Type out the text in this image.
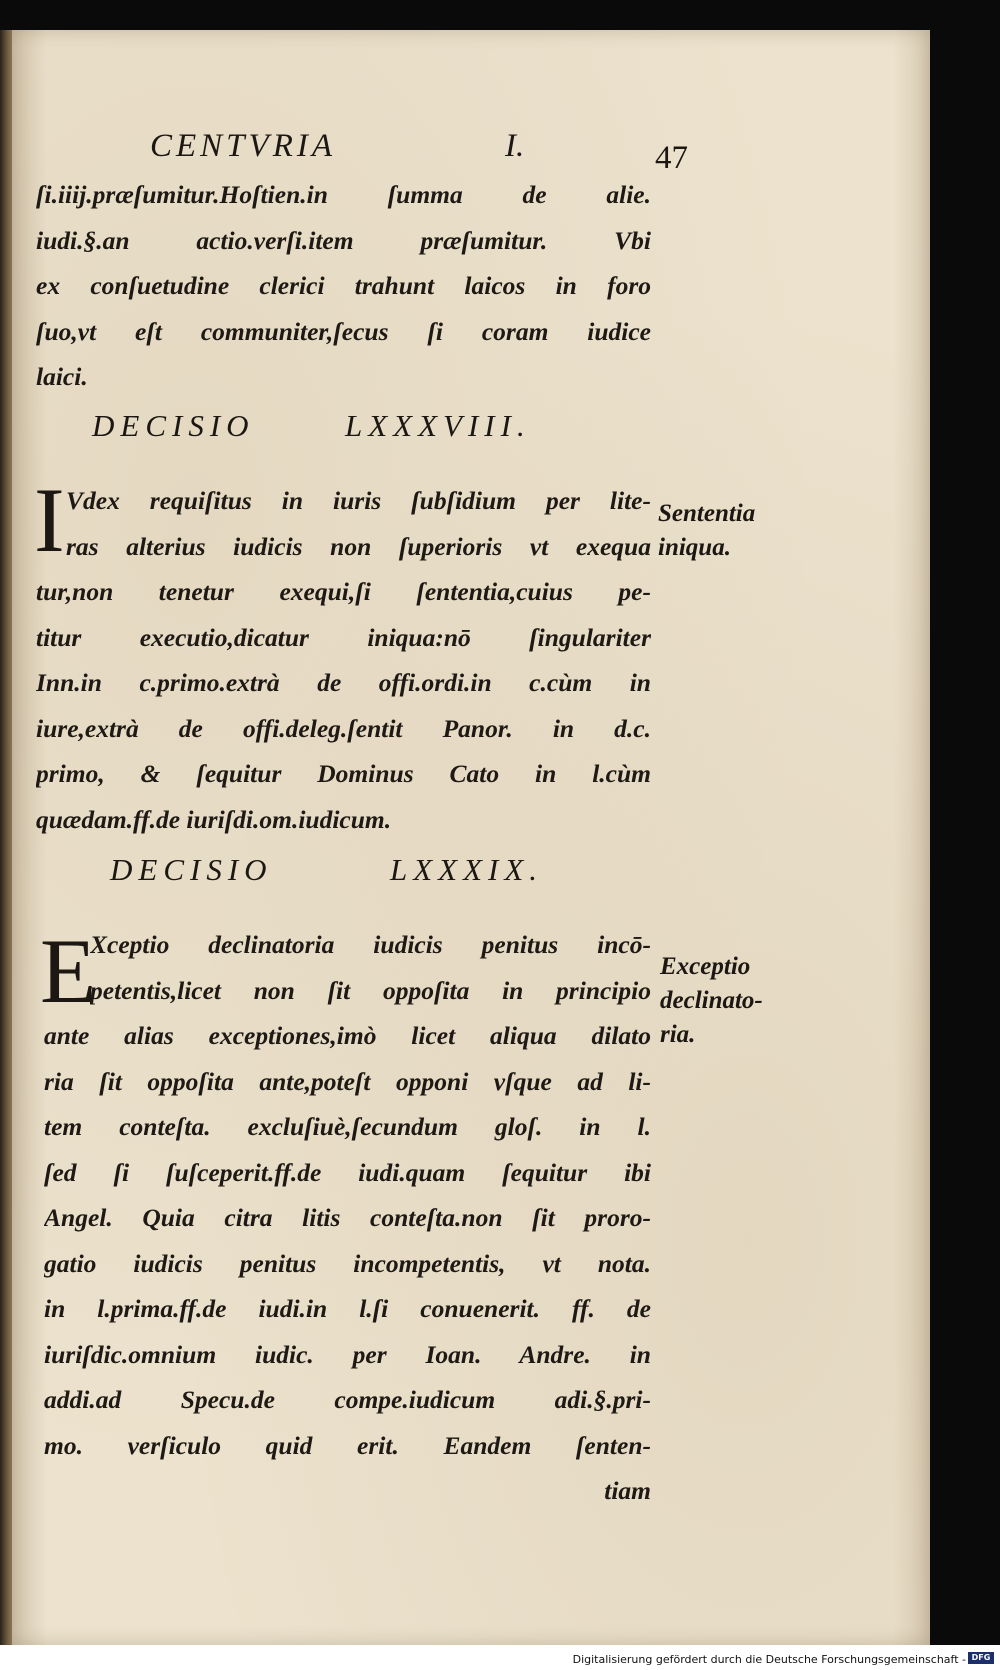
CENTVRIA	I.	47
ſi.iiij.præſumitur.Hoſtien.in ſumma de alie.
iudi.§.an actio.verſi.item præſumitur. Vbi
ex conſuetudine clerici trahunt laicos in foro
ſuo,vt eſt communiter,ſecus ſi coram iudice
laici.
DECISIO	LXXXVIII.
I Vdex requiſitus in iuris ſubſidium per lite-
ras alterius iudicis non ſuperioris vt exequa
tur,non tenetur exequi,ſi ſententia,cuius pe-
titur executio,dicatur iniqua:nō ſingulariter
Inn.in c.primo.extrà de offi.ordi.in c.cùm in
iure,extrà de offi.deleg.ſentit Panor. in d.c.
primo, & ſequitur Dominus Cato in l.cùm
quædam.ff.de iuriſdi.om.iudicum.
Sententia
iniqua.
DECISIO	LXXXIX.
E
Xceptio declinatoria iudicis penitus incō-
petentis,licet non ſit oppoſita in principio
ante alias exceptiones,imò licet aliqua dilato
ria ſit oppoſita ante,poteſt opponi vſque ad li-
tem conteſta. excluſiuè,ſecundum gloſ. in l.
ſed ſi ſuſceperit.ff.de iudi.quam ſequitur ibi
Angel. Quia citra litis conteſta.non ſit proro-
gatio iudicis penitus incompetentis, vt nota.
in l.prima.ff.de iudi.in l.ſi conuenerit. ff. de
iuriſdic.omnium iudic. per Ioan. Andre. in
addi.ad Specu.de compe.iudicum adi.§.pri-
mo. verſiculo quid erit. Eandem ſenten-
tiam
Exceptio
declinato-
ria.
Digitalisierung gefördert durch die Deutsche Forschungsgemeinschaft - DFG
